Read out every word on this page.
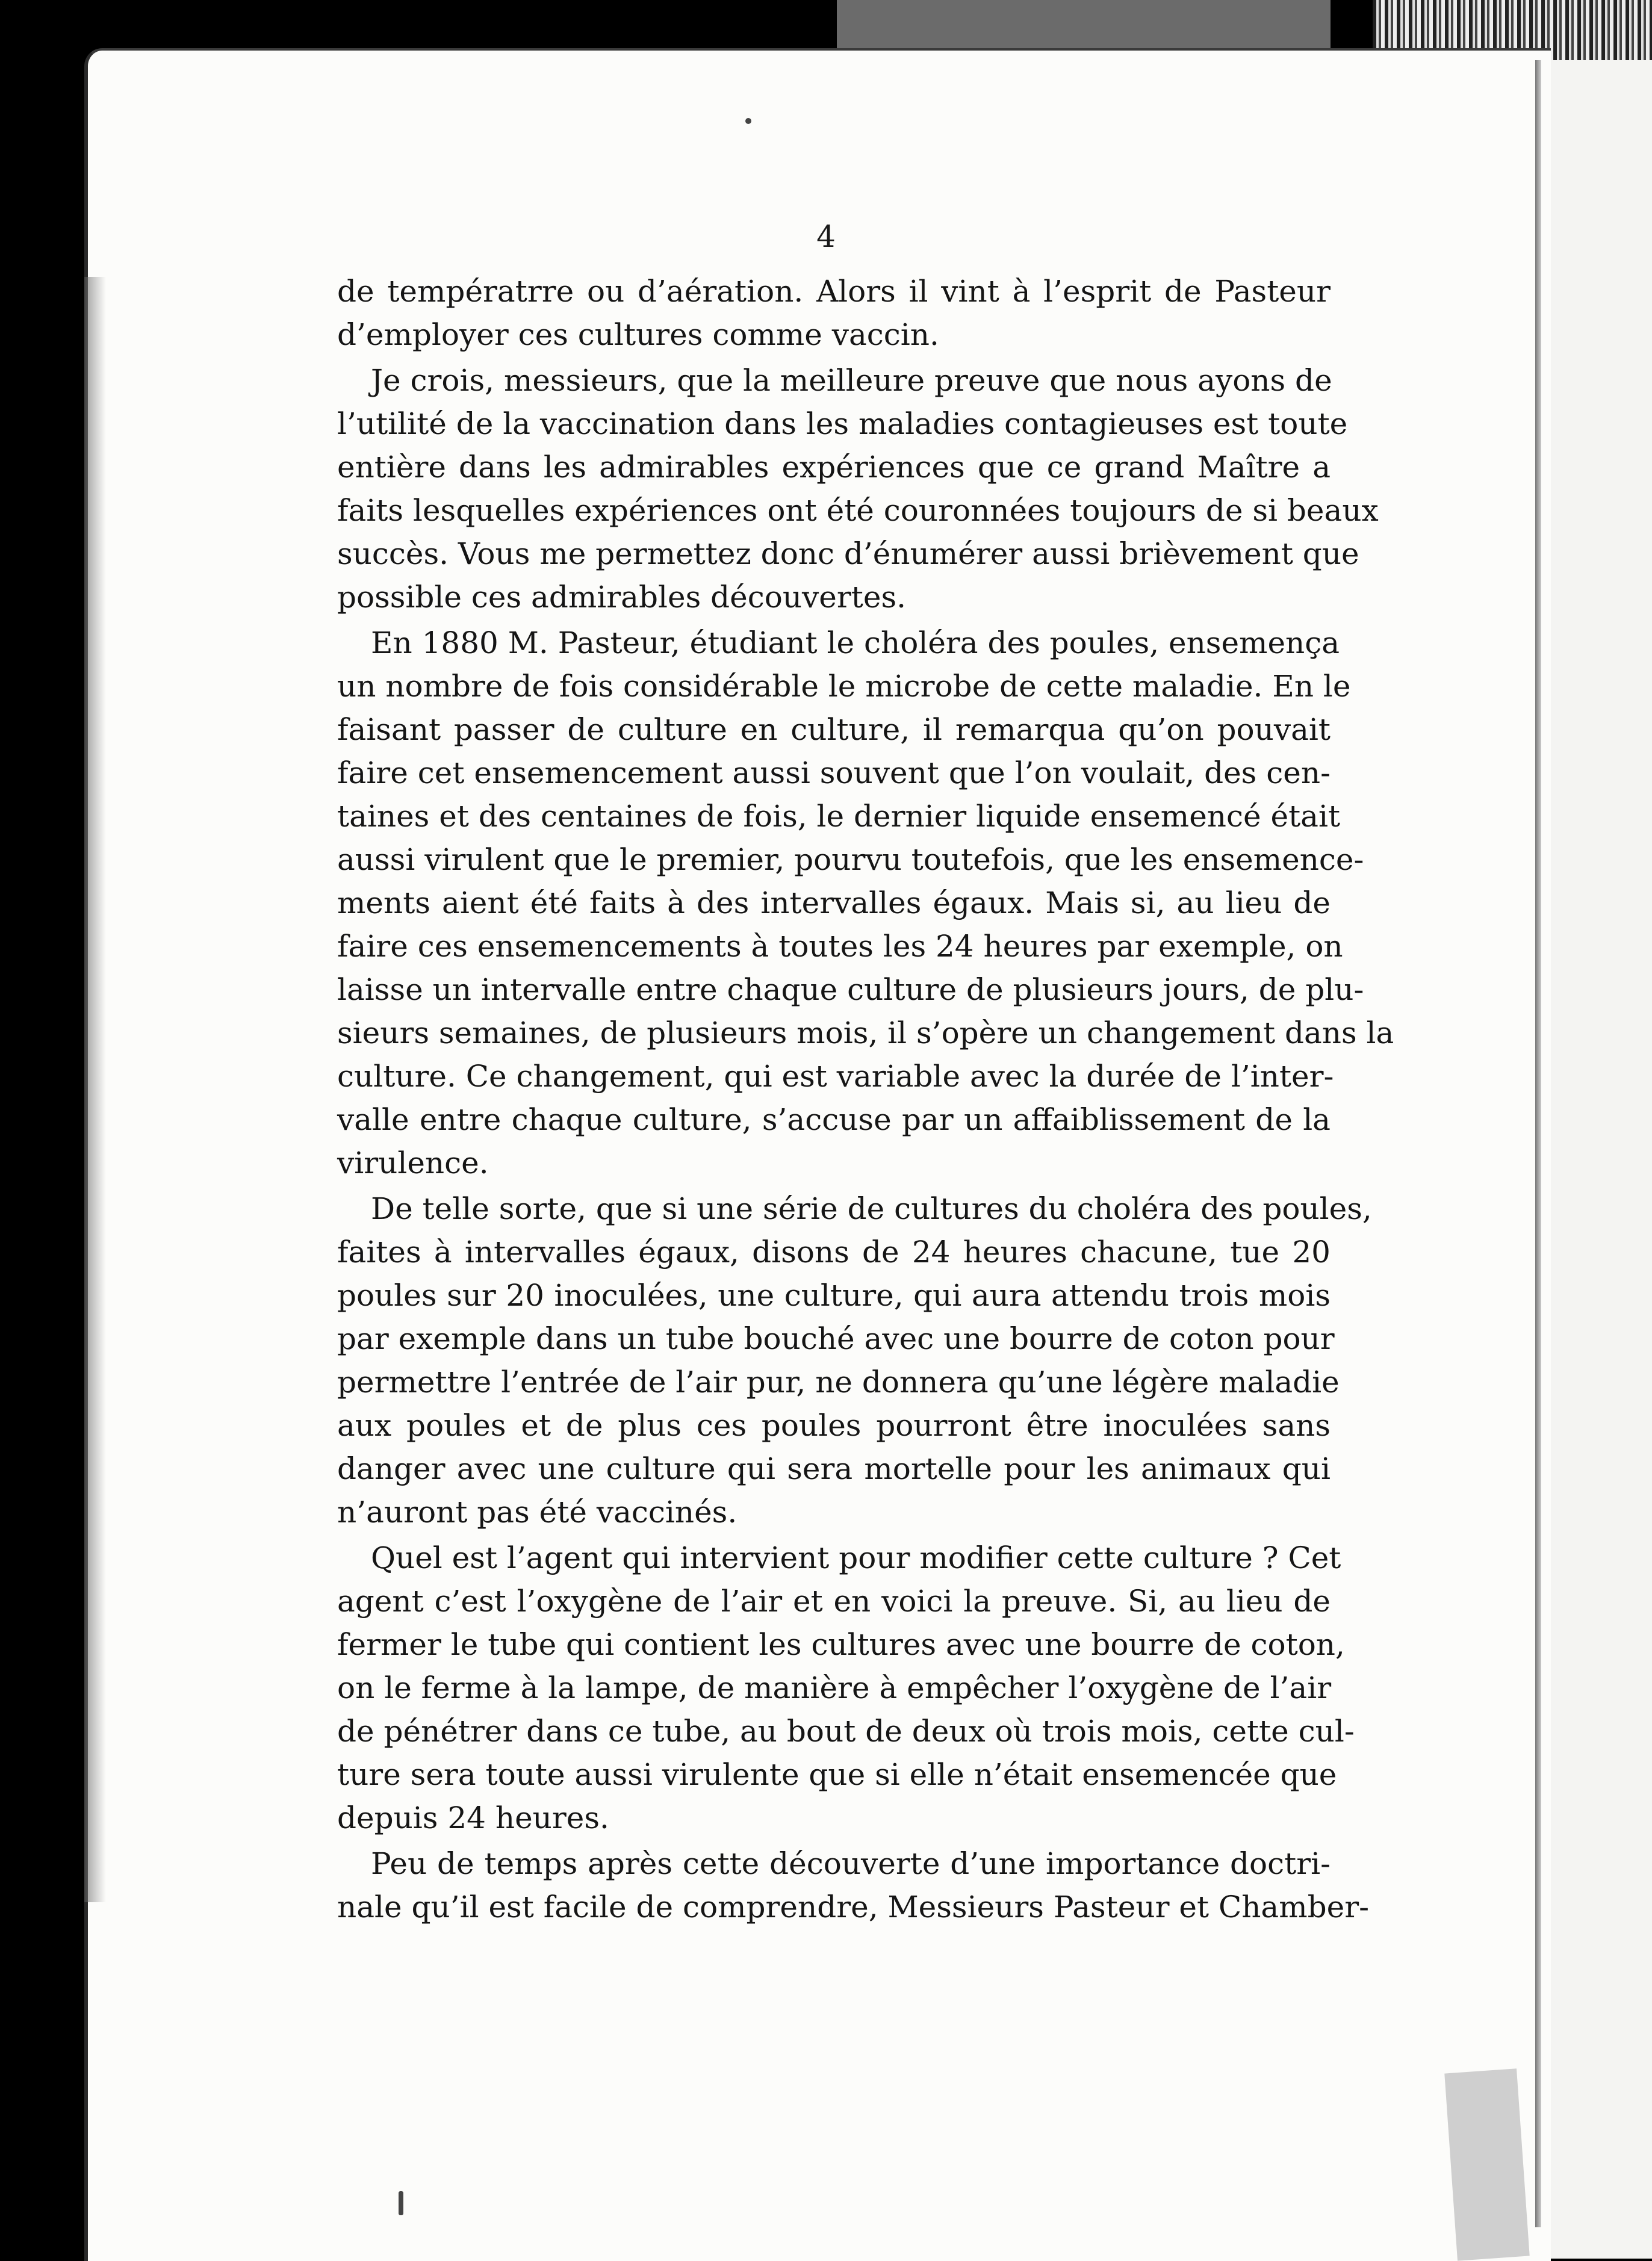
4
de températrre ou d’aération. Alors il vint à l’esprit de Pasteur
d’employer ces cultures comme vaccin.
Je crois, messieurs, que la meilleure preuve que nous ayons de
l’utilité de la vaccination dans les maladies contagieuses est toute
entière dans les admirables expériences que ce grand Maître a
faits lesquelles expériences ont été couronnées toujours de si beaux
succès. Vous me permettez donc d’énumérer aussi brièvement que
possible ces admirables découvertes.
En 1880 M. Pasteur, étudiant le choléra des poules, ensemença
un nombre de fois considérable le microbe de cette maladie. En le
faisant passer de culture en culture, il remarqua qu’on pouvait
faire cet ensemencement aussi souvent que l’on voulait, des cen-
taines et des centaines de fois, le dernier liquide ensemencé était
aussi virulent que le premier, pourvu toutefois, que les ensemence-
ments aient été faits à des intervalles égaux. Mais si, au lieu de
faire ces ensemencements à toutes les 24 heures par exemple, on
laisse un intervalle entre chaque culture de plusieurs jours, de plu-
sieurs semaines, de plusieurs mois, il s’opère un changement dans la
culture. Ce changement, qui est variable avec la durée de l’inter-
valle entre chaque culture, s’accuse par un affaiblissement de la
virulence.
De telle sorte, que si une série de cultures du choléra des poules,
faites à intervalles égaux, disons de 24 heures chacune, tue 20
poules sur 20 inoculées, une culture, qui aura attendu trois mois
par exemple dans un tube bouché avec une bourre de coton pour
permettre l’entrée de l’air pur, ne donnera qu’une légère maladie
aux poules et de plus ces poules pourront être inoculées sans
danger avec une culture qui sera mortelle pour les animaux qui
n’auront pas été vaccinés.
Quel est l’agent qui intervient pour modifier cette culture ? Cet
agent c’est l’oxygène de l’air et en voici la preuve. Si, au lieu de
fermer le tube qui contient les cultures avec une bourre de coton,
on le ferme à la lampe, de manière à empêcher l’oxygène de l’air
de pénétrer dans ce tube, au bout de deux où trois mois, cette cul-
ture sera toute aussi virulente que si elle n’était ensemencée que
depuis 24 heures.
Peu de temps après cette découverte d’une importance doctri-
nale qu’il est facile de comprendre, Messieurs Pasteur et Chamber-
